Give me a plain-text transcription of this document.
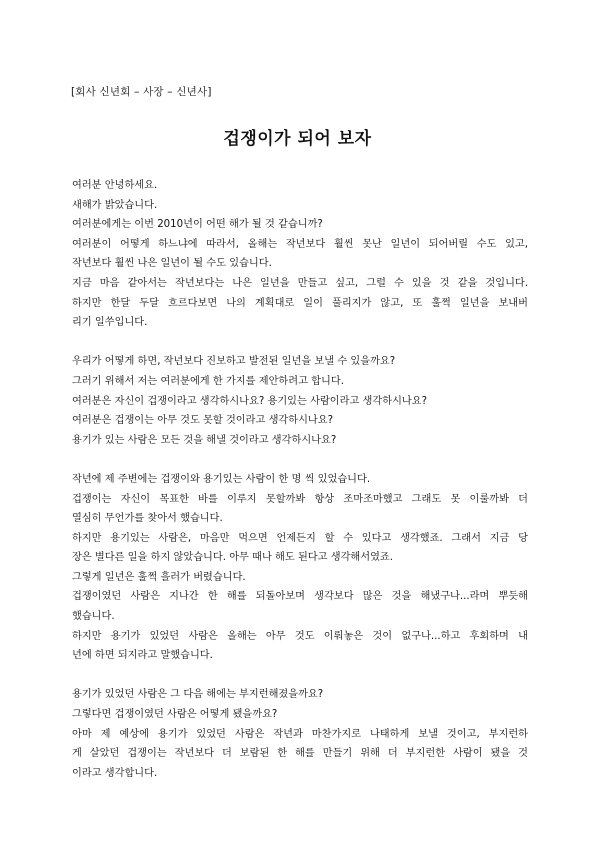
[회사 신년회 – 사장 – 신년사]
겁쟁이가 되어 보자
여러분 안녕하세요.
새해가 밝았습니다.
여러분에게는 이번 2010년이 어떤 해가 될 것 같습니까?
여러분이 어떻게 하느냐에 따라서, 올해는 작년보다 훨씬 못난 일년이 되어버릴 수도 있고,
작년보다 훨씬 나은 일년이 될 수도 있습니다.
지금 마음 같아서는 작년보다는 나은 일년을 만들고 싶고, 그럴 수 있을 것 같을 것입니다.
하지만 한달 두달 흐르다보면 나의 계획대로 일이 풀리지가 않고, 또 훌쩍 일년을 보내버
리기 일쑤입니다.
우리가 어떻게 하면, 작년보다 진보하고 발전된 일년을 보낼 수 있을까요?
그러기 위해서 저는 여러분에게 한 가지를 제안하려고 합니다.
여러분은 자신이 겁쟁이라고 생각하시나요? 용기있는 사람이라고 생각하시나요?
여러분은 겁쟁이는 아무 것도 못할 것이라고 생각하시나요?
용기가 있는 사람은 모든 것을 해낼 것이라고 생각하시나요?
작년에 제 주변에는 겁쟁이와 용기있는 사람이 한 명 씩 있었습니다.
겁쟁이는 자신이 목표한 바를 이루지 못할까봐 항상 조마조마했고 그래도 못 이룰까봐 더
열심히 무언가를 찾아서 했습니다.
하지만 용기있는 사람은, 마음만 먹으면 언제든지 할 수 있다고 생각했죠. 그래서 지금 당
장은 별다른 일을 하지 않았습니다. 아무 때나 해도 된다고 생각해서였죠.
그렇게 일년은 훌쩍 흘러가 버렸습니다.
겁쟁이였던 사람은 지나간 한 해를 되돌아보며 생각보다 많은 것을 해냈구나...라며 뿌듯해
했습니다.
하지만 용기가 있었던 사람은 올해는 아무 것도 이뤄놓은 것이 없구나...하고 후회하며 내
년에 하면 되지라고 말했습니다.
용기가 있었던 사람은 그 다음 해에는 부지런해졌을까요?
그렇다면 겁쟁이였던 사람은 어떻게 됐을까요?
아마 제 예상에 용기가 있었던 사람은 작년과 마찬가지로 나태하게 보낼 것이고, 부지런하
게 살았던 겁쟁이는 작년보다 더 보람된 한 해를 만들기 위해 더 부지런한 사람이 됐을 것
이라고 생각합니다.
